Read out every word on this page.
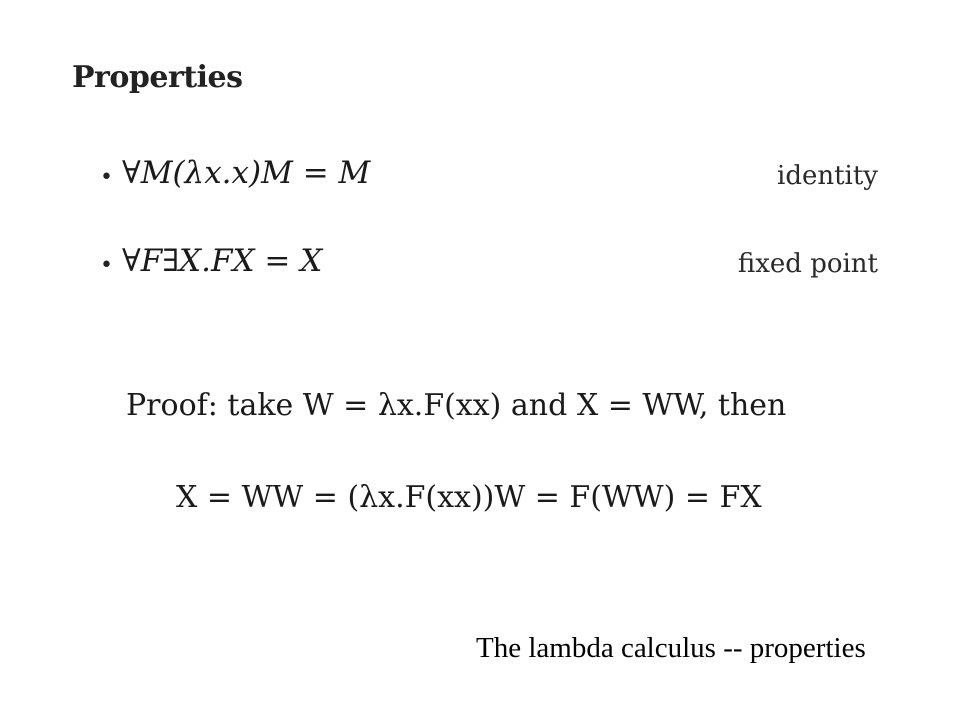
Properties
• ∀M(λx.x)M = M	identity
• ∀F∃X.FX = X	fixed point
Proof: take W = λx.F(xx) and X = WW, then
X = WW = (λx.F(xx))W = F(WW) = FX
The lambda calculus -- properties
